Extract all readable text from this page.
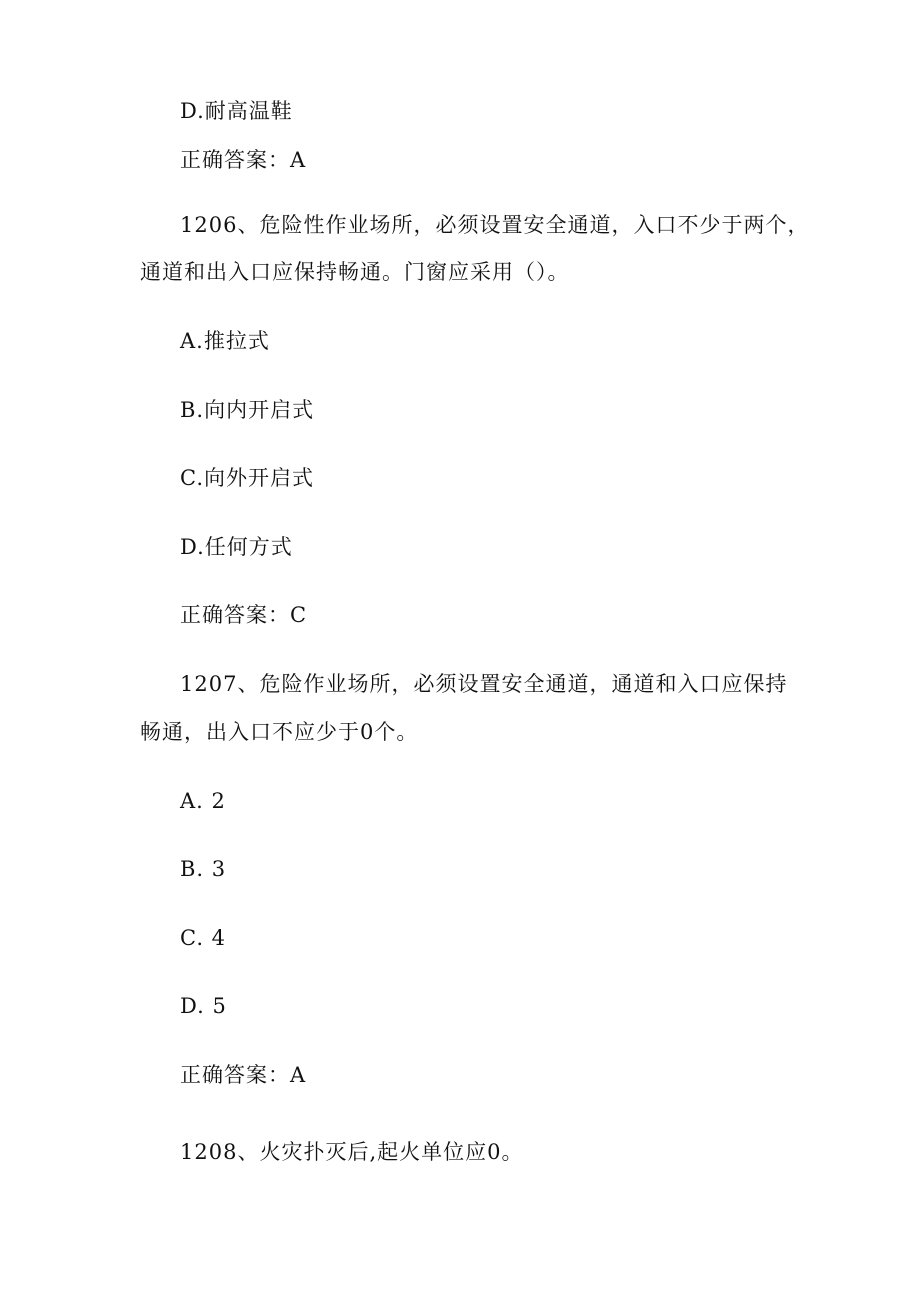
D.耐高温鞋
正确答案：A
1206、危险性作业场所，必须设置安全通道，入口不少于两个，
通道和出入口应保持畅通。门窗应采用（）。
A.推拉式
B.向内开启式
C.向外开启式
D.任何方式
正确答案：C
1207、危险作业场所，必须设置安全通道，通道和入口应保持
畅通，出入口不应少于0个。
A. 2
B. 3
C. 4
D. 5
正确答案：A
1208、火灾扑灭后,起火单位应0。
